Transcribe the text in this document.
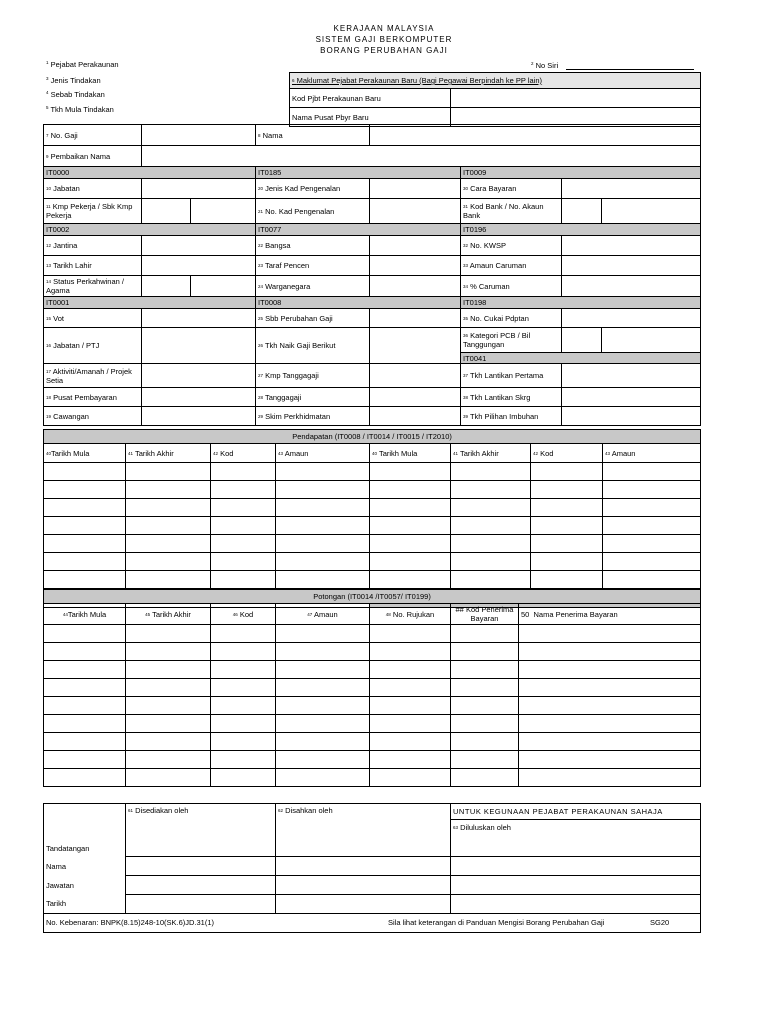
KERAJAAN MALAYSIA
SISTEM GAJI BERKOMPUTER
BORANG PERUBAHAN GAJI
$^1$ Pejabat Perakaunan
$^3$ Jenis Tindakan
$^4$ Sebab Tindakan
$^5$ Tkh Mula Tindakan
$^2$ No Siri
$^6$ Maklumat Pejabat Perakaunan Baru (Bagi Pegawai Berpindah ke PP lain)	
Kod Pjbt Perakaunan Baru	
Nama Pusat Pbyr Baru	
$^7$ No. Gaji			$^8$ Nama				
$^9$ Pembaikan Nama							
IT0000			IT0185		IT0009		
$^{10}$ Jabatan			$^{20}$ Jenis Kad Pengenalan		$^{30}$ Cara Bayaran		
$^{11}$ Kmp Pekerja / Sbk Kmp Pekerja			$^{21}$ No. Kad Pengenalan		$^{31}$ Kod Bank / No. Akaun Bank		
IT0002			IT0077		IT0196		
$^{12}$ Jantina			$^{22}$ Bangsa		$^{32}$ No. KWSP		
$^{13}$ Tarikh Lahir			$^{23}$ Taraf Pencen		$^{33}$ Amaun Caruman		
$^{14}$ Status Perkahwinan / Agama			$^{24}$ Warganegara		$^{34}$ % Caruman		
IT0001			IT0008		IT0198		
$^{15}$ Vot			$^{25}$ Sbb Perubahan Gaji		$^{35}$ No. Cukai Pdptan		
$^{16}$ Jabatan / PTJ			$^{26}$ Tkh Naik Gaji Berikut		$^{36}$ Kategori PCB / Bil Tanggungan		
					IT0041		
$^{17}$ Aktiviti/Amanah / Projek Setia			$^{27}$ Kmp Tanggagaji		$^{37}$ Tkh Lantikan Pertama		
$^{18}$ Pusat Pembayaran			$^{28}$ Tanggagaji		$^{38}$ Tkh Lantikan Skrg		
$^{19}$ Cawangan			$^{29}$ Skim Perkhidmatan		$^{39}$ Tkh Pilihan Imbuhan		
Pendapatan (IT0008 / IT0014 / IT0015 / IT2010)							
$^{40}$Tarikh Mula	$^{41}$ Tarikh Akhir	$^{42}$ Kod	$^{43}$ Amaun	$^{40}$ Tarikh Mula	$^{41}$ Tarikh Akhir	$^{42}$ Kod	$^{43}$ Amaun

Potongan (IT0014 /IT0057/ IT0199)						
$^{44}$Tarikh Mula	$^{45}$ Tarikh Akhir	$^{46}$ Kod	$^{47}$ Amaun	$^{48}$ No. Rujukan	## Kod Penerima Bayaran	50  Nama Penerima Bayaran

Tandatangan	$^{61}$ Disediakan oleh	$^{62}$ Disahkan oleh	UNTUK KEGUNAAN PEJABAT PERAKAUNAN SAHAJA
			$^{63}$ Diluluskan oleh

Nama			
Jawatan			
Tarikh			

No. Kebenaran: BNPK(8.15)248-10(SK.6)JD.31(1) Sila lihat keterangan di Panduan Mengisi Borang Perubahan Gaji SG20			
